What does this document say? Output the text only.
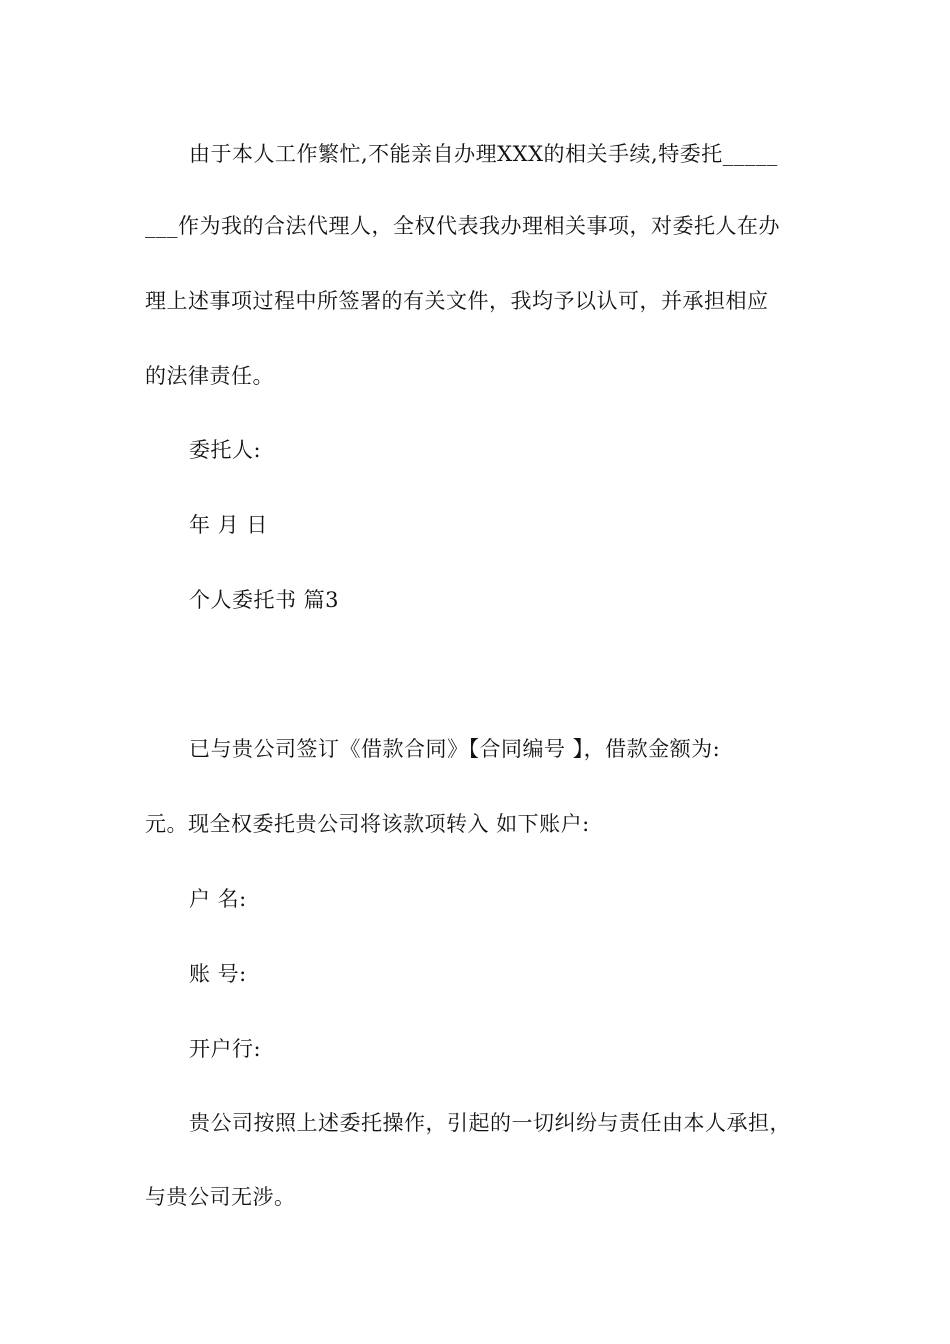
由于本人工作繁忙,不能亲自办理XXX的相关手续,特委托_____
___作为我的合法代理人，全权代表我办理相关事项，对委托人在办
理上述事项过程中所签署的有关文件，我均予以认可，并承担相应
的法律责任。
委托人:
年 月 日
个人委托书 篇3
已与贵公司签订《借款合同》【合同编号 】，借款金额为:
元。现全权委托贵公司将该款项转入 如下账户:
户 名:
账 号:
开户行:
贵公司按照上述委托操作，引起的一切纠纷与责任由本人承担，
与贵公司无涉。
